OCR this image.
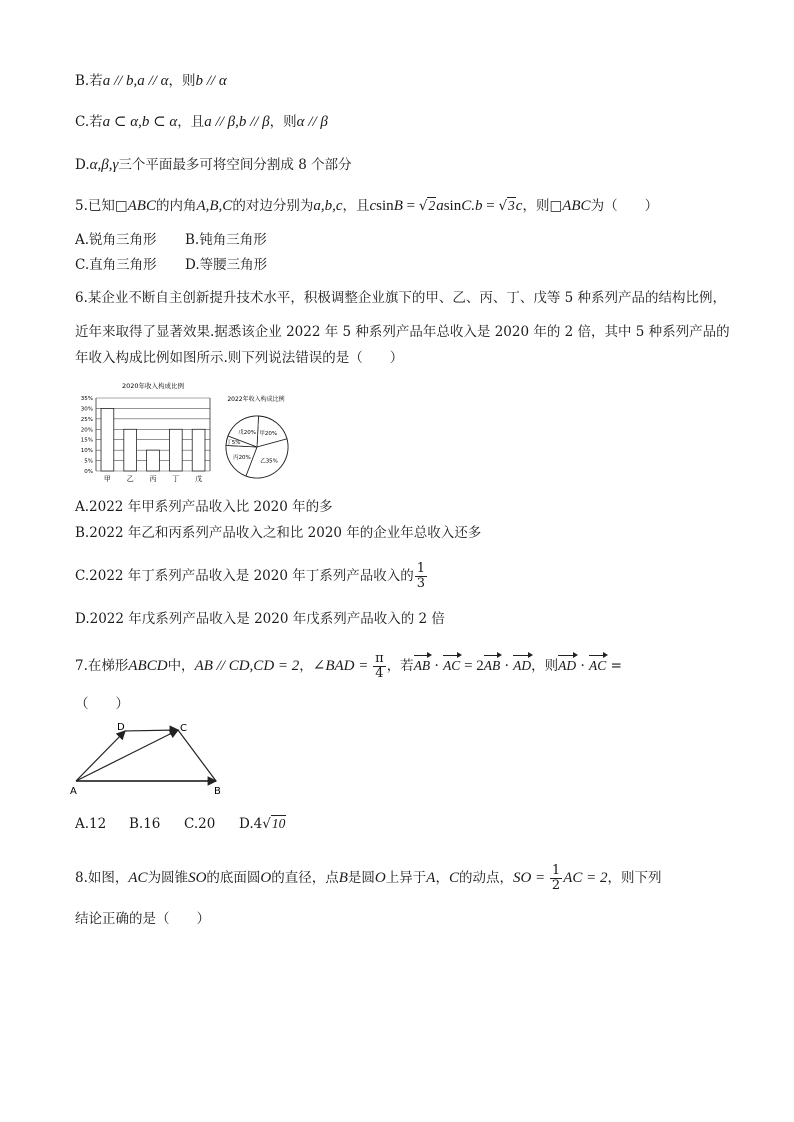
B.若a // b,a // α，则b // α
C.若a ⊂ α,b ⊂ α，且a // β,b // β，则α // β
D.α,β,γ三个平面最多可将空间分割成 8 个部分
5.已知□ABC的内角A,B,C的对边分别为a,b,c，且csinB = √2asinC.b = √3c，则□ABC为（　　）
A.锐角三角形 B.钝角三角形
C.直角三角形 D.等腰三角形
6.某企业不断自主创新提升技术水平，积极调整企业旗下的甲、乙、丙、丁、戊等 5 种系列产品的结构比例，
近年来取得了显著效果.据悉该企业 2022 年 5 种系列产品年总收入是 2020 年的 2 倍，其中 5 种系列产品的
年收入构成比例如图所示.则下列说法错误的是（　　）
2020年收入构成比例
0%
5%
10%
15%
20%
25%
30%
35%
甲 乙 丙 丁 戊
2022年收入构成比例
甲20%
乙35%
丙20%
丁5%
戊20%
A.2022 年甲系列产品收入比 2020 年的多
B.2022 年乙和丙系列产品收入之和比 2020 年的企业年总收入还多
C.2022 年丁系列产品收入是 2020 年丁系列产品收入的 $\frac{1}{3}$
D.2022 年戊系列产品收入是 2020 年戊系列产品收入的 2 倍
7.在梯形ABCD中，AB // CD,CD = 2，∠BAD = $\frac{\pi}{4}$ ，若AB · AC = 2AB · AD，则AD · AC =
（　　）
A	B
C
D
A.12 B.16 C.20 D.4√10
8.如图，AC为圆锥SO的底面圆O的直径，点B是圆O上异于A，C的动点，SO = $\frac{1}{2}$ AC = 2，则下列
结论正确的是（　　）
